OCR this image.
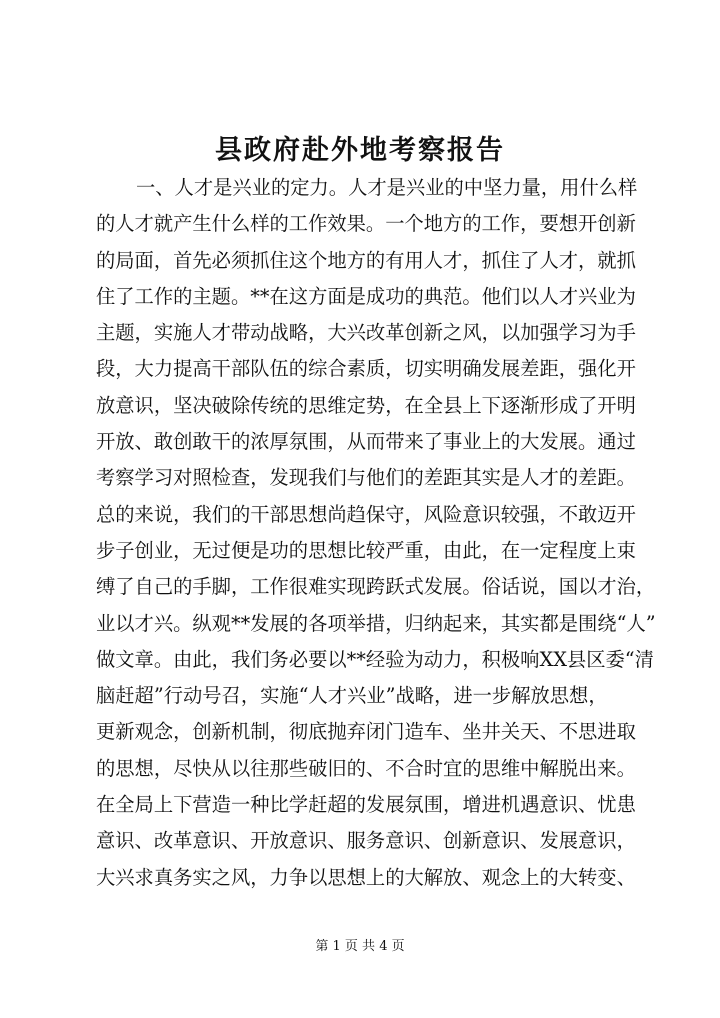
县政府赴外地考察报告
一、人才是兴业的定力。人才是兴业的中坚力量，用什么样
的人才就产生什么样的工作效果。一个地方的工作，要想开创新
的局面，首先必须抓住这个地方的有用人才，抓住了人才，就抓
住了工作的主题。**在这方面是成功的典范。他们以人才兴业为
主题，实施人才带动战略，大兴改革创新之风，以加强学习为手
段，大力提高干部队伍的综合素质，切实明确发展差距，强化开
放意识，坚决破除传统的思维定势，在全县上下逐渐形成了开明
开放、敢创敢干的浓厚氛围，从而带来了事业上的大发展。通过
考察学习对照检查，发现我们与他们的差距其实是人才的差距。
总的来说，我们的干部思想尚趋保守，风险意识较强，不敢迈开
步子创业，无过便是功的思想比较严重，由此，在一定程度上束
缚了自己的手脚，工作很难实现跨跃式发展。俗话说，国以才治，
业以才兴。纵观**发展的各项举措，归纳起来，其实都是围绕“人”
做文章。由此，我们务必要以**经验为动力，积极响XX县区委“清
脑赶超”行动号召，实施“人才兴业”战略，进一步解放思想，
更新观念，创新机制，彻底抛弃闭门造车、坐井关天、不思进取
的思想，尽快从以往那些破旧的、不合时宜的思维中解脱出来。
在全局上下营造一种比学赶超的发展氛围，增进机遇意识、忧患
意识、改革意识、开放意识、服务意识、创新意识、发展意识，
大兴求真务实之风，力争以思想上的大解放、观念上的大转变、
第 1 页 共 4 页
